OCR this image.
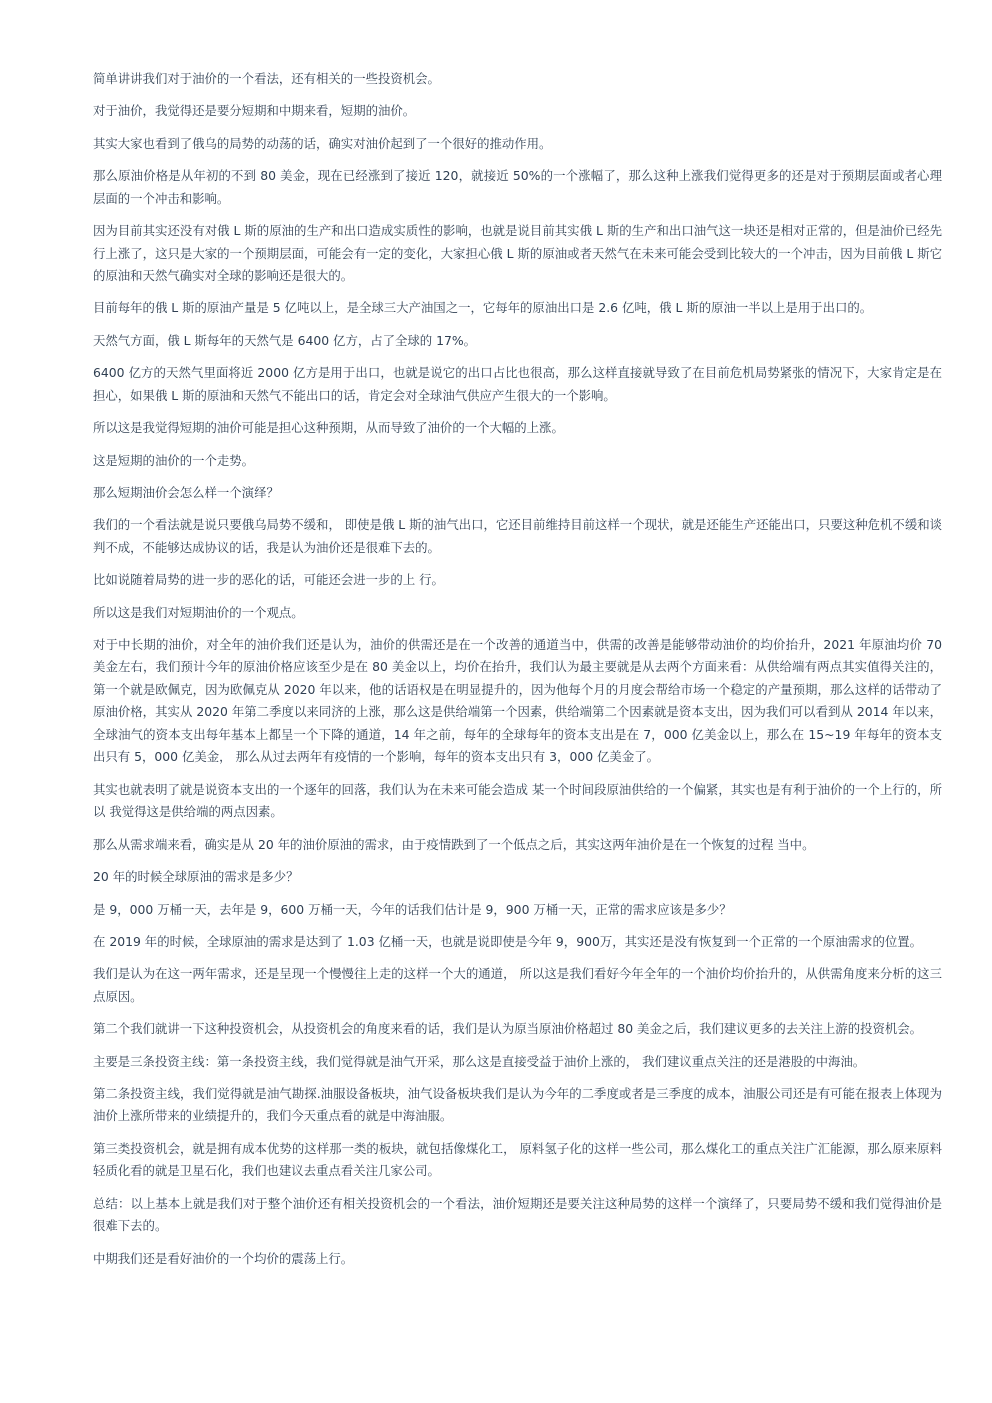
简单讲讲我们对于油价的一个看法，还有相关的一些投资机会。

对于油价，我觉得还是要分短期和中期来看，短期的油价。

其实大家也看到了俄乌的局势的动荡的话，确实对油价起到了一个很好的推动作用。

那么原油价格是从年初的不到 80 美金，现在已经涨到了接近 120，就接近 50%的一个涨幅了，那么这种上涨我们觉得更多的还是对于预期层面或者心理层面的一个冲击和影响。

因为目前其实还没有对俄 L 斯的原油的生产和出口造成实质性的影响，也就是说目前其实俄 L 斯的生产和出口油气这一块还是相对正常的，但是油价已经先行上涨了，这只是大家的一个预期层面，可能会有一定的变化，大家担心俄 L 斯的原油或者天然气在未来可能会受到比较大的一个冲击，因为目前俄 L 斯它的原油和天然气确实对全球的影响还是很大的。

目前每年的俄 L 斯的原油产量是 5 亿吨以上，是全球三大产油国之一，它每年的原油出口是 2.6 亿吨，俄 L 斯的原油一半以上是用于出口的。

天然气方面，俄 L 斯每年的天然气是 6400 亿方，占了全球的 17%。

6400 亿方的天然气里面将近 2000 亿方是用于出口，也就是说它的出口占比也很高，那么这样直接就导致了在目前危机局势紧张的情况下，大家肯定是在担心，如果俄 L 斯的原油和天然气不能出口的话，肯定会对全球油气供应产生很大的一个影响。

所以这是我觉得短期的油价可能是担心这种预期，从而导致了油价的一个大幅的上涨。

这是短期的油价的一个走势。

那么短期油价会怎么样一个演绎？

我们的一个看法就是说只要俄乌局势不缓和， 即使是俄 L 斯的油气出口，它还目前维持目前这样一个现状，就是还能生产还能出口，只要这种危机不缓和谈判不成，不能够达成协议的话，我是认为油价还是很难下去的。

比如说随着局势的进一步的恶化的话，可能还会进一步的上 行。

所以这是我们对短期油价的一个观点。

对于中长期的油价，对全年的油价我们还是认为，油价的供需还是在一个改善的通道当中，供需的改善是能够带动油价的均价抬升，2021 年原油均价 70 美金左右，我们预计今年的原油价格应该至少是在 80 美金以上，均价在抬升，我们认为最主要就是从去两个方面来看：从供给端有两点其实值得关注的，第一个就是欧佩克，因为欧佩克从 2020 年以来，他的话语权是在明显提升的，因为他每个月的月度会帮给市场一个稳定的产量预期，那么这样的话带动了原油价格，其实从 2020 年第二季度以来同济的上涨，那么这是供给端第一个因素，供给端第二个因素就是资本支出，因为我们可以看到从 2014 年以来，全球油气的资本支出每年基本上都呈一个下降的通道，14 年之前，每年的全球每年的资本支出是在 7，000 亿美金以上，那么在 15~19 年每年的资本支出只有 5，000 亿美金， 那么从过去两年有疫情的一个影响，每年的资本支出只有 3，000 亿美金了。

其实也就表明了就是说资本支出的一个逐年的回落，我们认为在未来可能会造成 某一个时间段原油供给的一个偏紧，其实也是有利于油价的一个上行的，所以 我觉得这是供给端的两点因素。

那么从需求端来看，确实是从 20 年的油价原油的需求，由于疫情跌到了一个低点之后，其实这两年油价是在一个恢复的过程 当中。

20 年的时候全球原油的需求是多少？

是 9，000 万桶一天，去年是 9，600 万桶一天，今年的话我们估计是 9，900 万桶一天，正常的需求应该是多少？

在 2019 年的时候，全球原油的需求是达到了 1.03 亿桶一天，也就是说即使是今年 9，900万，其实还是没有恢复到一个正常的一个原油需求的位置。

我们是认为在这一两年需求，还是呈现一个慢慢往上走的这样一个大的通道， 所以这是我们看好今年全年的一个油价均价抬升的，从供需角度来分析的这三点原因。

第二个我们就讲一下这种投资机会，从投资机会的角度来看的话，我们是认为原当原油价格超过 80 美金之后，我们建议更多的去关注上游的投资机会。

主要是三条投资主线：第一条投资主线，我们觉得就是油气开采，那么这是直接受益于油价上涨的， 我们建议重点关注的还是港股的中海油。

第二条投资主线，我们觉得就是油气勘探.油服设备板块，油气设备板块我们是认为今年的二季度或者是三季度的成本，油服公司还是有可能在报表上体现为油价上涨所带来的业绩提升的，我们今天重点看的就是中海油服。

第三类投资机会，就是拥有成本优势的这样那一类的板块，就包括像煤化工， 原料氢子化的这样一些公司，那么煤化工的重点关注广汇能源，那么原来原料轻质化看的就是卫星石化，我们也建议去重点看关注几家公司。

总结：以上基本上就是我们对于整个油价还有相关投资机会的一个看法，油价短期还是要关注这种局势的这样一个演绎了，只要局势不缓和我们觉得油价是很难下去的。

中期我们还是看好油价的一个均价的震荡上行。
